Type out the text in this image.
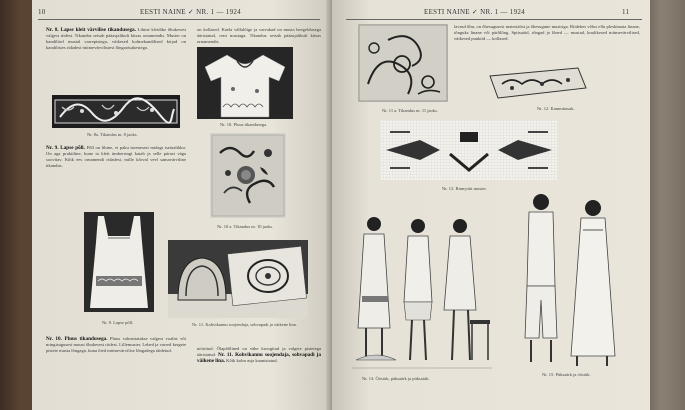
10	EESTI NAINE ✓ NR. 1 — 1924
Nr. 8. Lapse kleit värvilise tikandusega. Lihtne kleidike õhukesest valgest riidest. Tikandus seisab pääasjalikult kitsas ornamendis. Muster on kandilisel mustal varrepistega, väikesed kolmekandilised kirjad on kandilistes ridadest mitmevärvilistest lõngaotsakestega.
on kollased. Kaela vällalõige ja varrukad on musta heegeldusega ääristatud, cent mustaga. Tikandus seisab pääasjalikult kitsas ornamendis.
Nr. 8a. Tikandus nr. 8 jaoks.
Nr. 10. Pluus tikandusega.
Nr. 9. Lapse põll. Põll on lihtne, ei paku iseenesest midagi iseäralikku. On aga praktiline, kune ta kleit ümberringi katab ja selle pärast väga soovitav. Kõik ees ornamendi ridadest, mille kõrval veel samavärviline tikandus.
Nr. 10 a. Tikandus nr. 10 jaoks.
Nr. 9. Lapse põll.	Nr. 11. Kohvikannu soojendaja, sohvapadi ja väikene lina.
Nr. 10. Pluus tikandusega. Pluus valmistatakse valgest voalist või mingisugusest muust õhukesest riidest. Lillemuster. Lehed ja varred kergete pistete musta lõngaga, kuna õied mitmevärvilise lõngadega täidetud.	nööritud. Õlapõõlined on vähe kroogitud ja valgete pistetega ääristatud. Nr. 11. Kohvikannu soojendaja, sohvapadi ja väikene lina. Kõik kolm asja kaunistatud.
EESTI NAINE ✓ NR. 1 — 1924	11
Nr. 11 a. Tikandus nr. 11 jaoks.
lavasd õlm, on õhesugusest materialist ja õhesugune mustriga. Riidekes võlus ellu pleskimata linane, tõnguks linane või pärlilõng. Spitsatüd, rõngad ja lõned — mustad, kuulikesed mitmevärvilised, väikesed punktid — kollased.
Nr. 12. Kammitasuk.
Nr. 13. Rinnyrätt muster.
Nr. 14. Öösärk, päksaärk ja püksaärk.
Nr. 15. Püksaärk ja öösärk.
